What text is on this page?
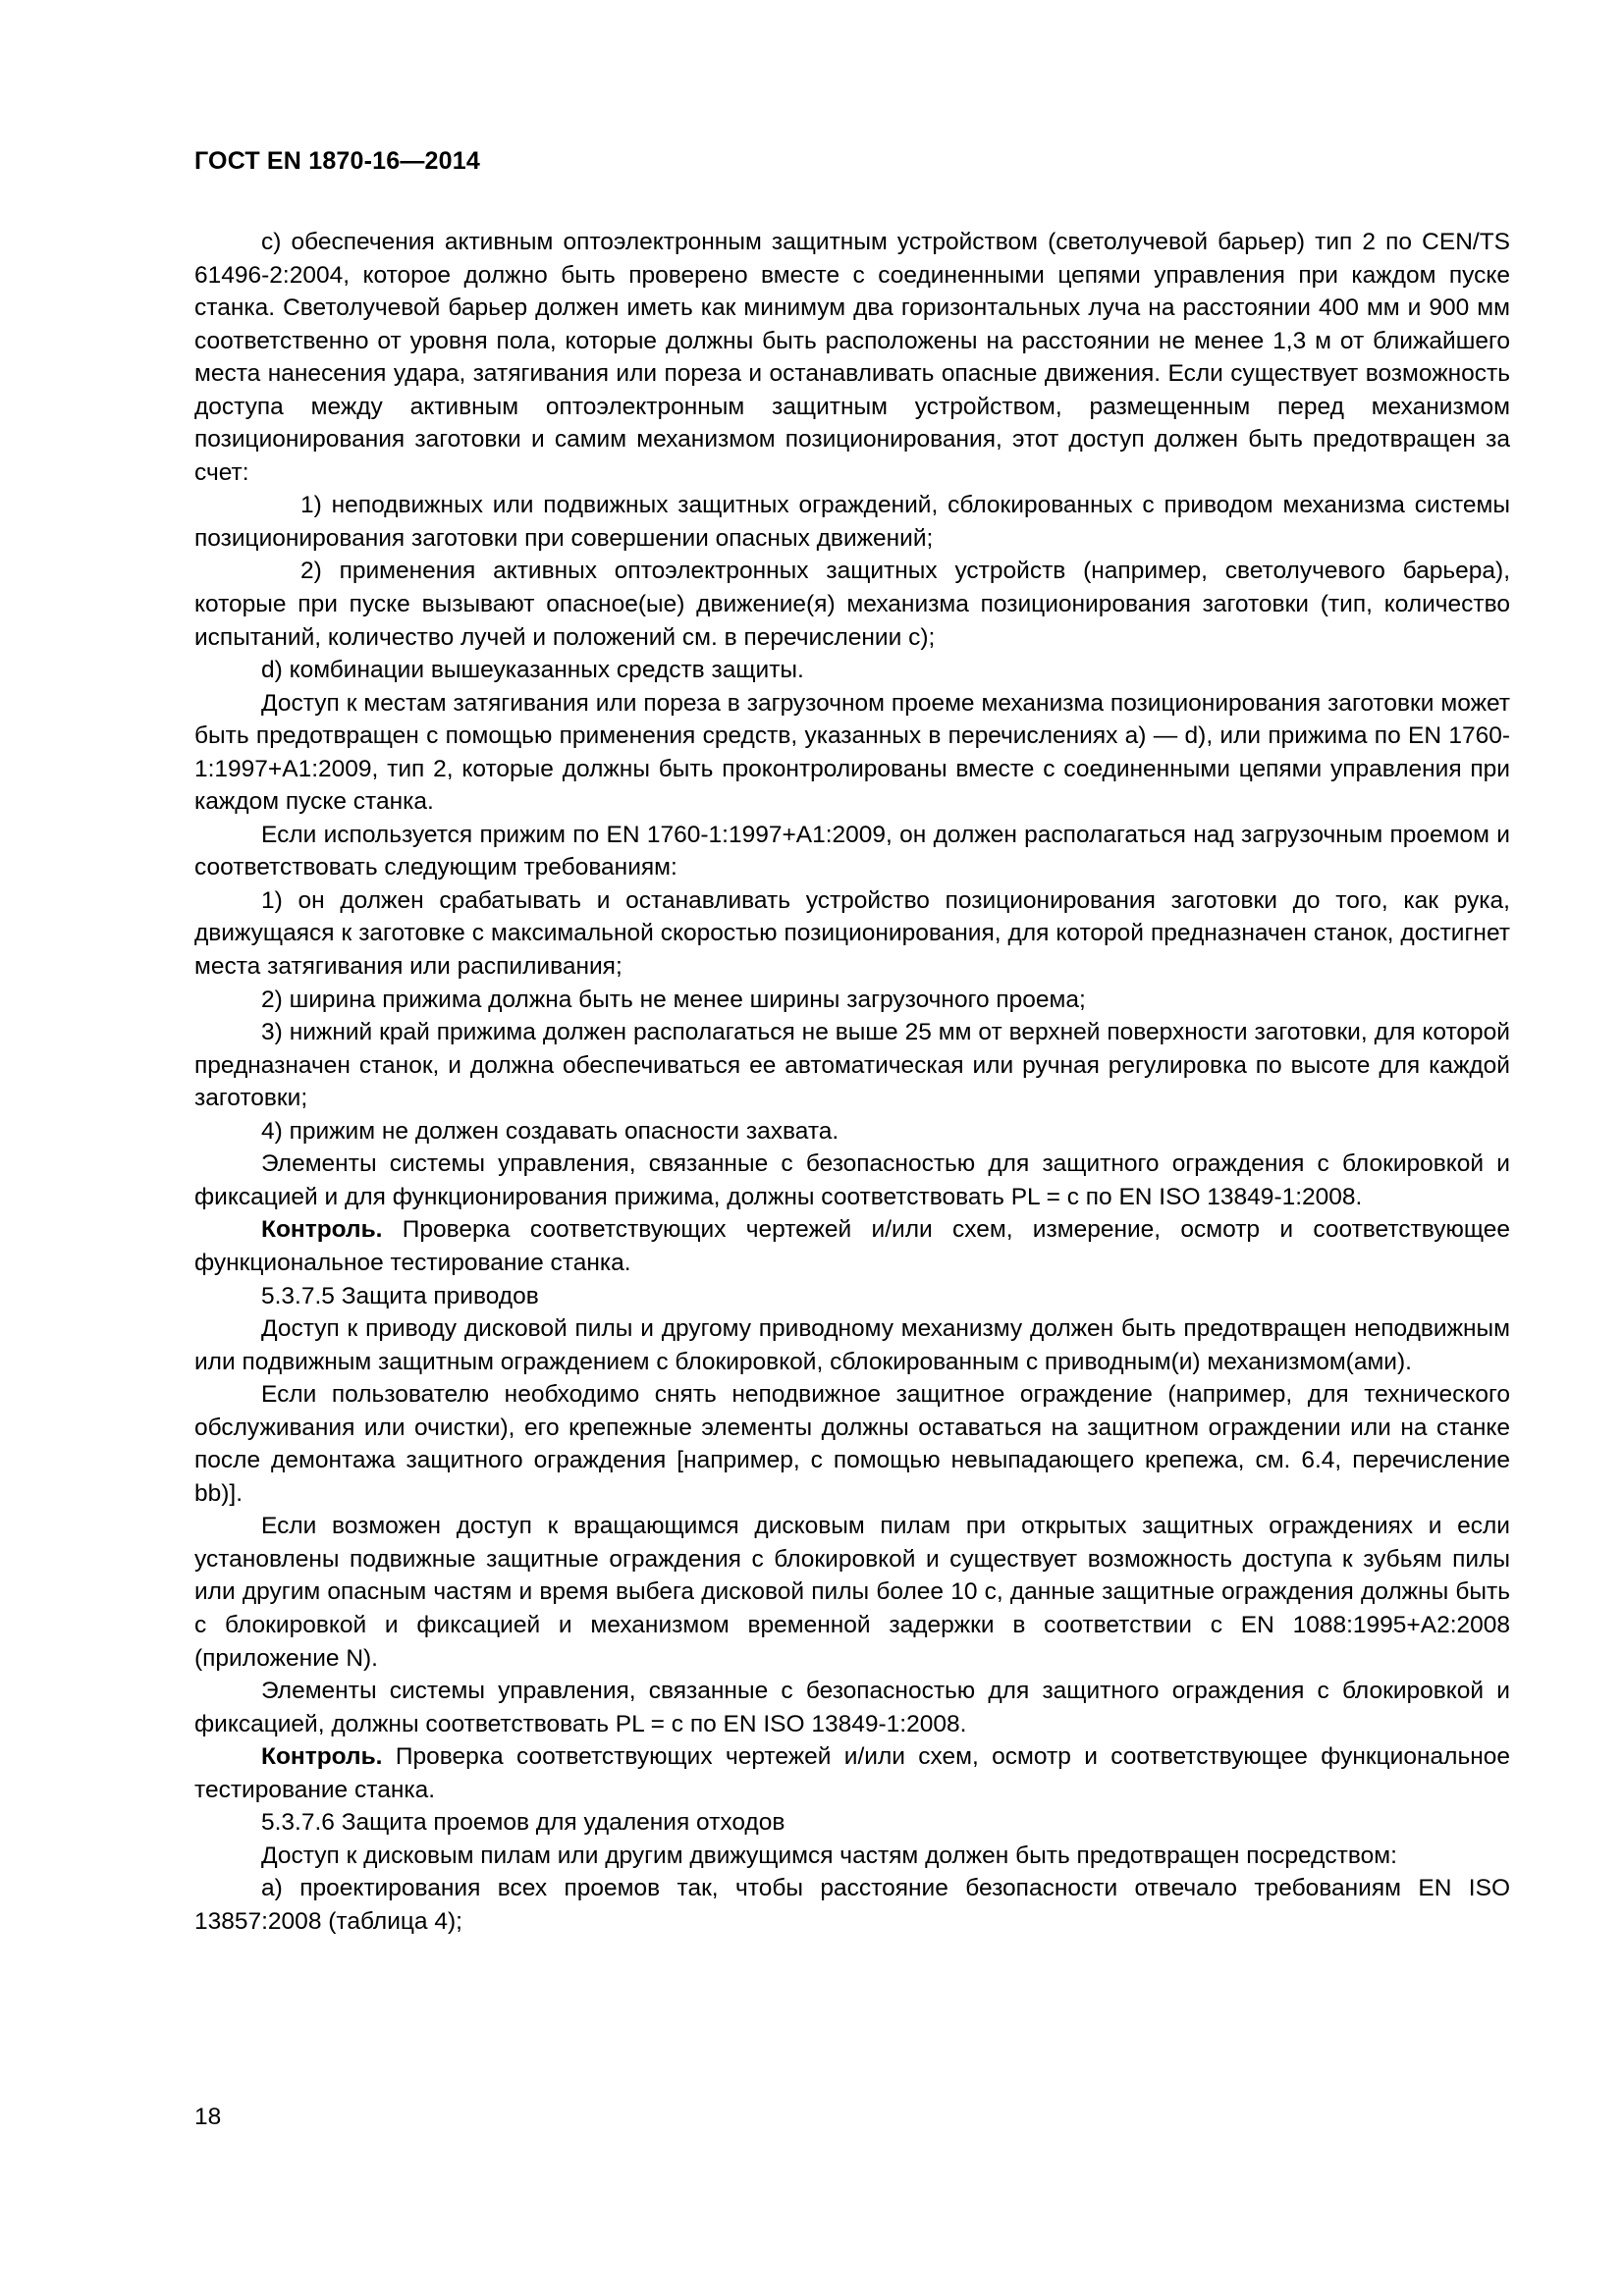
ГОСТ EN 1870-16—2014

с) обеспечения активным оптоэлектронным защитным устройством (светолучевой барьер) тип 2 по CEN/TS 61496-2:2004, которое должно быть проверено вместе с соединенными цепями управления при каждом пуске станка. Светолучевой барьер должен иметь как минимум два горизонтальных луча на расстоянии 400 мм и 900 мм соответственно от уровня пола, которые должны быть расположены на расстоянии не менее 1,3 м от ближайшего места нанесения удара, затягивания или пореза и останавливать опасные движения. Если существует возможность доступа между активным оптоэлектронным защитным устройством, размещенным перед механизмом позиционирования заготовки и самим механизмом позиционирования, этот доступ должен быть предотвращен за счет:

1) неподвижных или подвижных защитных ограждений, сблокированных с приводом механизма системы позиционирования заготовки при совершении опасных движений;

2) применения активных оптоэлектронных защитных устройств (например, светолучевого барьера), которые при пуске вызывают опасное(ые) движение(я) механизма позиционирования заготовки (тип, количество испытаний, количество лучей и положений см. в перечислении с);

d) комбинации вышеуказанных средств защиты.

Доступ к местам затягивания или пореза в загрузочном проеме механизма позиционирования заготовки может быть предотвращен с помощью применения средств, указанных в перечислениях а) — d), или прижима по EN 1760-1:1997+A1:2009, тип 2, которые должны быть проконтролированы вместе с соединенными цепями управления при каждом пуске станка.

Если используется прижим по EN 1760-1:1997+A1:2009, он должен располагаться над загрузочным проемом и соответствовать следующим требованиям:

1) он должен срабатывать и останавливать устройство позиционирования заготовки до того, как рука, движущаяся к заготовке с максимальной скоростью позиционирования, для которой предназначен станок, достигнет места затягивания или распиливания;

2) ширина прижима должна быть не менее ширины загрузочного проема;

3) нижний край прижима должен располагаться не выше 25 мм от верхней поверхности заготовки, для которой предназначен станок, и должна обеспечиваться ее автоматическая или ручная регулировка по высоте для каждой заготовки;

4) прижим не должен создавать опасности захвата.

Элементы системы управления, связанные с безопасностью для защитного ограждения с блокировкой и фиксацией и для функционирования прижима, должны соответствовать PL = с по EN ISO 13849-1:2008.

Контроль. Проверка соответствующих чертежей и/или схем, измерение, осмотр и соответствующее функциональное тестирование станка.

5.3.7.5 Защита приводов

Доступ к приводу дисковой пилы и другому приводному механизму должен быть предотвращен неподвижным или подвижным защитным ограждением с блокировкой, сблокированным с приводным(и) механизмом(ами).

Если пользователю необходимо снять неподвижное защитное ограждение (например, для технического обслуживания или очистки), его крепежные элементы должны оставаться на защитном ограждении или на станке после демонтажа защитного ограждения [например, с помощью невыпадающего крепежа, см. 6.4, перечисление bb)].

Если возможен доступ к вращающимся дисковым пилам при открытых защитных ограждениях и если установлены подвижные защитные ограждения с блокировкой и существует возможность доступа к зубьям пилы или другим опасным частям и время выбега дисковой пилы более 10 с, данные защитные ограждения должны быть с блокировкой и фиксацией и механизмом временной задержки в соответствии с EN 1088:1995+A2:2008 (приложение N).

Элементы системы управления, связанные с безопасностью для защитного ограждения с блокировкой и фиксацией, должны соответствовать PL = с по EN ISO 13849-1:2008.

Контроль. Проверка соответствующих чертежей и/или схем, осмотр и соответствующее функциональное тестирование станка.

5.3.7.6 Защита проемов для удаления отходов

Доступ к дисковым пилам или другим движущимся частям должен быть предотвращен посредством:

а) проектирования всех проемов так, чтобы расстояние безопасности отвечало требованиям EN ISO 13857:2008 (таблица 4);

18
